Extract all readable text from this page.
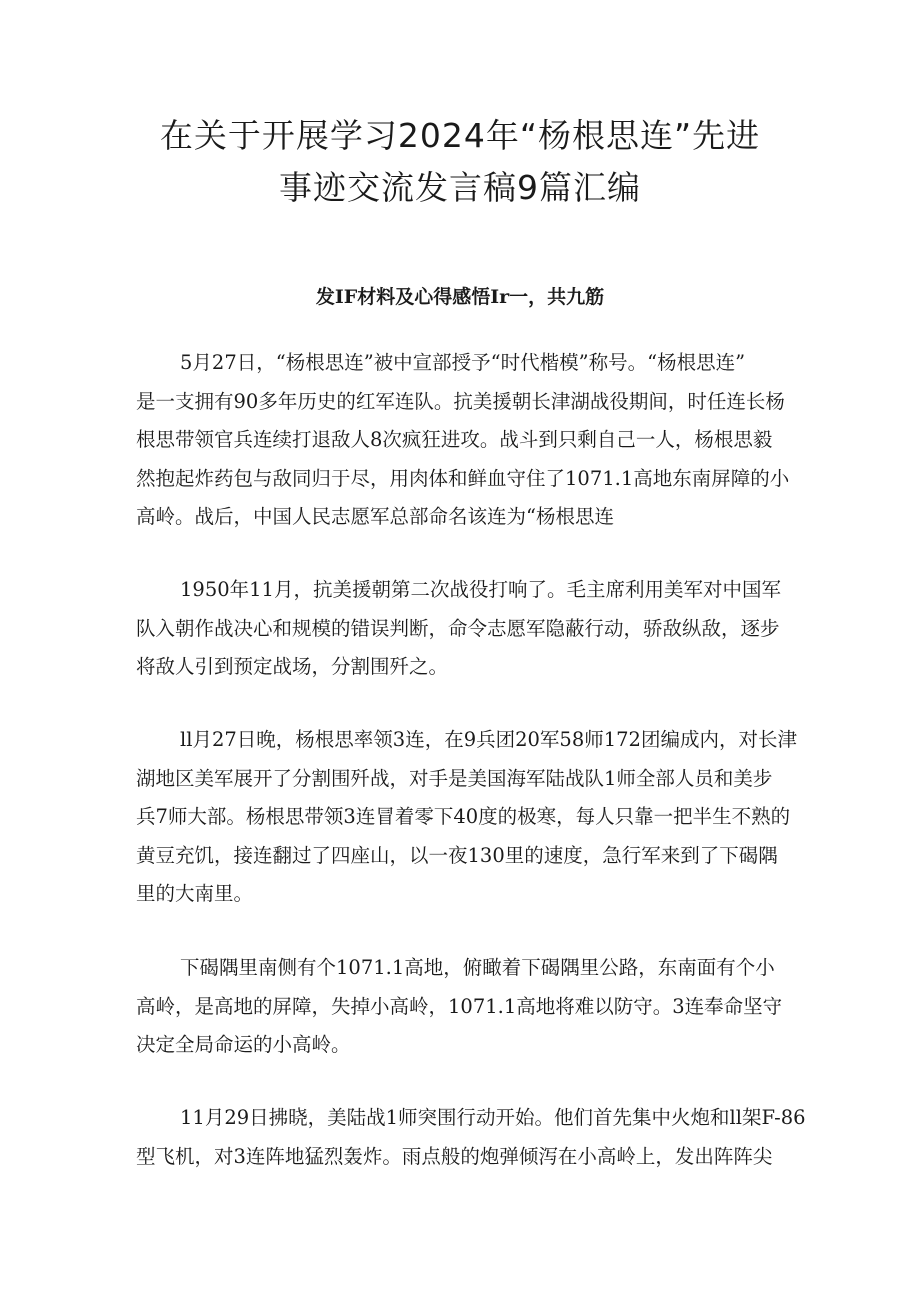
在关于开展学习2024年“杨根思连”先进
事迹交流发言稿9篇汇编
发IF材料及心得感悟Ir一，共九筋

5月27日，“杨根思连”被中宣部授予“时代楷模”称号。“杨根思连”
是一支拥有90多年历史的红军连队。抗美援朝长津湖战役期间，时任连长杨
根思带领官兵连续打退敌人8次疯狂进攻。战斗到只剩自己一人，杨根思毅
然抱起炸药包与敌同归于尽，用肉体和鲜血守住了1071.1高地东南屏障的小
高岭。战后，中国人民志愿军总部命名该连为“杨根思连

1950年11月，抗美援朝第二次战役打响了。毛主席利用美军对中国军
队入朝作战决心和规模的错误判断，命令志愿军隐蔽行动，骄敌纵敌，逐步
将敌人引到预定战场，分割围歼之。

ll月27日晚，杨根思率领3连，在9兵团20军58师172团编成内，对长津
湖地区美军展开了分割围歼战，对手是美国海军陆战队1师全部人员和美步
兵7师大部。杨根思带领3连冒着零下40度的极寒，每人只靠一把半生不熟的
黄豆充饥，接连翻过了四座山，以一夜130里的速度，急行军来到了下碣隅
里的大南里。

下碣隅里南侧有个1071.1高地，俯瞰着下碣隅里公路，东南面有个小
高岭，是高地的屏障，失掉小高岭，1071.1高地将难以防守。3连奉命坚守
决定全局命运的小高岭。

11月29日拂晓，美陆战1师突围行动开始。他们首先集中火炮和ll架F-86
型飞机，对3连阵地猛烈轰炸。雨点般的炮弹倾泻在小高岭上，发出阵阵尖
